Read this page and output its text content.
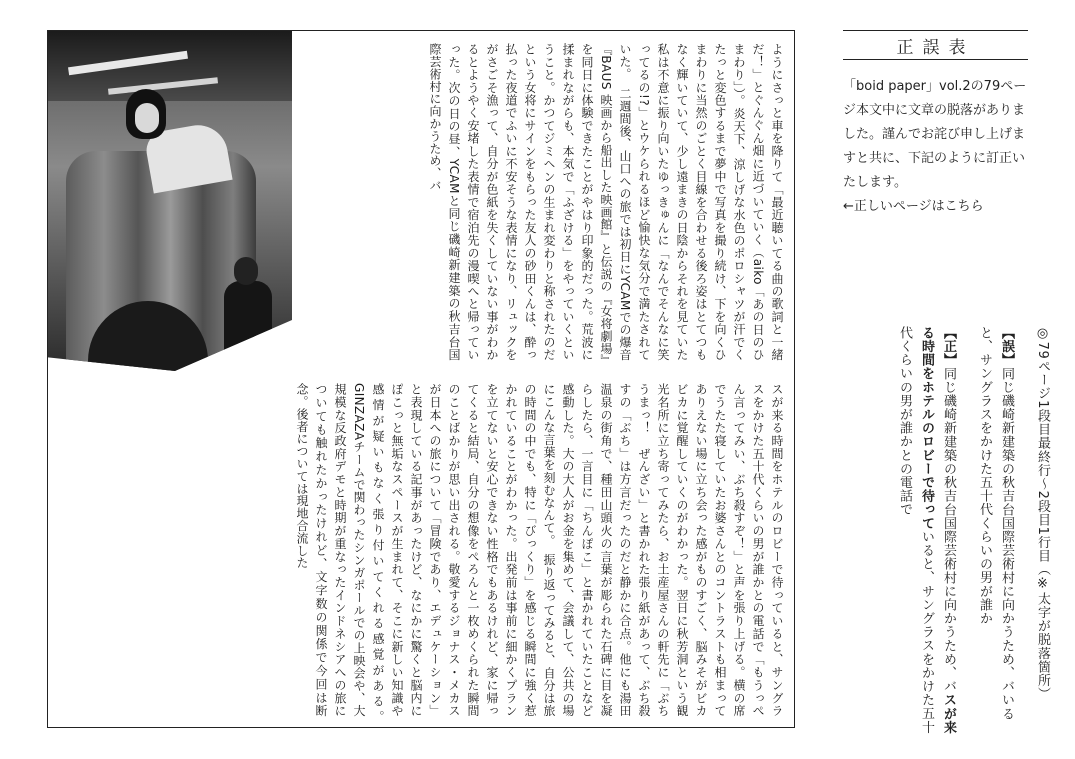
ようにさっと車を降りて「最近聴いてる曲の歌詞と一緒だ！」とぐんぐん畑に近づいていく（aiko「あの日のひまわり」）。炎天下、涼しげな水色のポロシャツが汗でくたっと変色するまで夢中で写真を撮り続け、下を向くひまわりに当然のごとく目線を合わせる後ろ姿はとてつもなく輝いていて、少し遠まきの日陰からそれを見ていた私は不意に振り向いたゆっきゅんに「なんでそんなに笑ってるの!?」とウケられるほど愉快な気分で満たされていた。　二週間後、山口への旅では初日にYCAMでの爆音『BAUS 映画から船出した映画館』と伝説の『女将劇場』を同日に体験できたことがやはり印象的だった。荒波に揉まれながらも、本気で「ふざける」をやっていくということ。かつてジミヘンの生まれ変わりと称されたのだという女将にサインをもらった友人の砂田くんは、酔っ払った夜道でふいに不安そうな表情になり、リュックをがさごそ漁って、自分が色紙を失くしていない事がわかるとようやく安堵した表情で宿泊先の漫喫へと帰っていった。次の日の昼、YCAMと同じ磯崎新建築の秋吉台国際芸術村に向かうため、バ
スが来る時間をホテルのロビーで待っていると、サングラスをかけた五十代くらいの男が誰かとの電話で「もうっぺん言ってみい、ぶち殺すぞ！」と声を張り上げる。横の席でうたた寝していたお婆さんとのコントラストも相まってありえない場に立ち会った感がものすごく、脳みそがビカビカに覚醒していくのがわかった。翌日に秋芳洞という観光名所に立ち寄ってみたら、お土産屋さんの軒先に「ぶちうまっ！　ぜんざい」と書かれた張り紙があって、ぶち殺すの「ぶち」は方言だったのだと静かに合点。他にも湯田温泉の街角で、種田山頭火の言葉が彫られた石碑に目を凝らしたら、一言目に「ちんぽこ」と書かれていたことなど感動した。大の大人がお金を集めて、会議して、公共の場にこんな言葉を刻むなんて。　振り返ってみると、自分は旅の時間の中でも、特に「びっくり」を感じる瞬間に強く惹かれていることがわかった。出発前は事前に細かくプランを立てないと安心できない性格でもあるけれど、家に帰ってくると結局、自分の想像をぺろんと一枚めくられた瞬間のことばかりが思い出される。敬愛するジョナス・メカスが日本への旅について「冒険であり、エデュケーション」と表現している記事があったけど、なにかに驚くと脳内にぽこっと無垢なスペースが生まれて、そこに新しい知識や感情が疑いもなく張り付いてくれる感覚がある。　GINZAZAチームで関わったシンガポールでの上映会や、大規模な反政府デモと時期が重なったインドネシアへの旅についても触れたかったけれど、文字数の関係で今回は断念。後者については現地合流した
正誤表
「boid paper」vol.2の79ページ本文中に文章の脱落がありました。謹んでお詫び申し上げますと共に、下記のように訂正いたします。
←正しいページはこちら

◎79ページ1段目最終行〜2段目1行目（※太字が脱落箇所）

【誤】同じ磯崎新建築の秋吉台国際芸術村に向かうため、バいると、サングラスをかけた五十代くらいの男が誰か

【正】同じ磯崎新建築の秋吉台国際芸術村に向かうため、バスが来る時間をホテルのロビーで待っていると、サングラスをかけた五十代くらいの男が誰かとの電話で
